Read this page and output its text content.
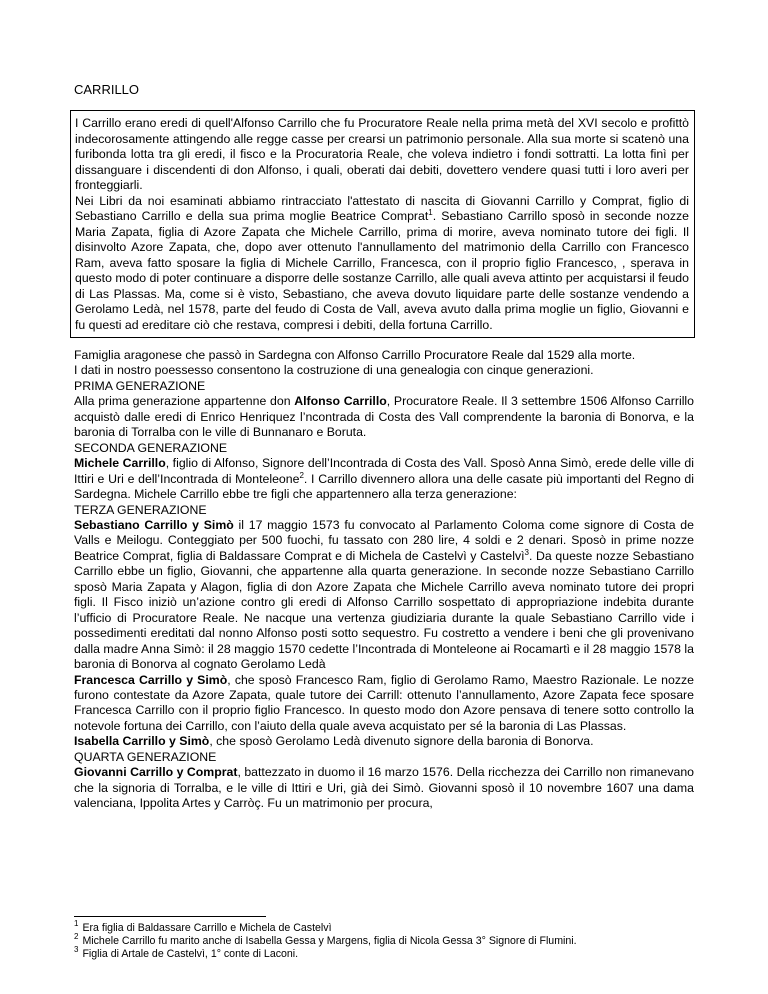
CARRILLO

I Carrillo erano eredi di quell'Alfonso Carrillo che fu Procuratore Reale nella prima metà del XVI secolo e profittò indecorosamente attingendo alle regge casse per crearsi un patrimonio personale. Alla sua morte si scatenò una furibonda lotta tra gli eredi, il fisco e la Procuratoria Reale, che voleva indietro i fondi sottratti. La lotta finì per dissanguare i discendenti di don Alfonso, i quali, oberati dai debiti, dovettero vendere quasi tutti i loro averi per fronteggiarli.

Nei Libri da noi esaminati abbiamo rintracciato l'attestato di nascita di Giovanni Carrillo y Comprat, figlio di Sebastiano Carrillo e della sua prima moglie Beatrice Comprat$^1$. Sebastiano Carrillo sposò in seconde nozze Maria Zapata, figlia di Azore Zapata che Michele Carrillo, prima di morire, aveva nominato tutore dei figli. Il disinvolto Azore Zapata, che, dopo aver ottenuto l'annullamento del matrimonio della Carrillo con Francesco Ram, aveva fatto sposare la figlia di Michele Carrillo, Francesca, con il proprio figlio Francesco, , sperava in questo modo di poter continuare a disporre delle sostanze Carrillo, alle quali aveva attinto per acquistarsi il feudo di Las Plassas. Ma, come si è visto, Sebastiano, che aveva dovuto liquidare parte delle sostanze vendendo a Gerolamo Ledà, nel 1578, parte del feudo di Costa de Vall, aveva avuto dalla prima moglie un figlio, Giovanni e fu questi ad ereditare ciò che restava, compresi i debiti, della fortuna Carrillo.

Famiglia aragonese che passò in Sardegna con Alfonso Carrillo Procuratore Reale dal 1529 alla morte.

I dati in nostro poessesso consentono la costruzione di una genealogia con cinque generazioni.

PRIMA GENERAZIONE

Alla prima generazione appartenne don Alfonso Carrillo, Procuratore Reale. Il 3 settembre 1506 Alfonso Carrillo acquistò dalle eredi di Enrico Henriquez l’ncontrada di Costa des Vall comprendente la baronia di Bonorva, e la baronia di Torralba con le ville di Bunnanaro e Boruta.

SECONDA GENERAZIONE

Michele Carrillo, figlio di Alfonso, Signore dell’Incontrada di Costa des Vall. Sposò Anna Simò, erede delle ville di Ittiri e Uri e dell’Incontrada di Monteleone$^2$. I Carrillo divennero allora una delle casate più importanti del Regno di Sardegna. Michele Carrillo ebbe tre figli che appartennero alla terza generazione:

TERZA GENERAZIONE

Sebastiano Carrillo y Simò il 17 maggio 1573 fu convocato al Parlamento Coloma come signore di Costa de Valls e Meilogu. Conteggiato per 500 fuochi, fu tassato con 280 lire, 4 soldi e 2 denari. Sposò in prime nozze Beatrice Comprat, figlia di Baldassare Comprat e di Michela de Castelvì y Castelvì$^3$. Da queste nozze Sebastiano Carrillo ebbe un figlio, Giovanni, che appartenne alla quarta generazione. In seconde nozze Sebastiano Carrillo sposò Maria Zapata y Alagon, figlia di don Azore Zapata che Michele Carrillo aveva nominato tutore dei propri figli. Il Fisco iniziò un’azione contro gli eredi di Alfonso Carrillo sospettato di appropriazione indebita durante l’ufficio di Procuratore Reale. Ne nacque una vertenza giudiziaria durante la quale Sebastiano Carrillo vide i possedimenti ereditati dal nonno Alfonso posti sotto sequestro. Fu costretto a vendere i beni che gli provenivano dalla madre Anna Simò: il 28 maggio 1570 cedette l’Incontrada di Monteleone ai Rocamartì e il 28 maggio 1578 la baronia di Bonorva al cognato Gerolamo Ledà

Francesca Carrillo y Simò, che sposò Francesco Ram, figlio di Gerolamo Ramo, Maestro Razionale. Le nozze furono contestate da Azore Zapata, quale tutore dei Carrill: ottenuto l’annullamento, Azore Zapata fece sposare Francesca Carrillo con il proprio figlio Francesco. In questo modo don Azore pensava di tenere sotto controllo la notevole fortuna dei Carrillo, con l’aiuto della quale aveva acquistato per sé la baronia di Las Plassas.

Isabella Carrillo y Simò, che sposò Gerolamo Ledà divenuto signore della baronia di Bonorva.

QUARTA GENERAZIONE

Giovanni Carrillo y Comprat, battezzato in duomo il 16 marzo 1576. Della ricchezza dei Carrillo non rimanevano che la signoria di Torralba, e le ville di Ittiri e Uri, già dei Simò. Giovanni sposò il 10 novembre 1607 una dama valenciana, Ippolita Artes y Carròç. Fu un matrimonio per procura,

$^1$ Era figlia di Baldassare Carrillo e Michela de Castelvì
$^2$ Michele Carrillo fu marito anche di Isabella Gessa y Margens, figlia di Nicola Gessa 3° Signore di Flumini.
$^3$ Figlia di Artale de Castelvì, 1° conte di Laconi.
